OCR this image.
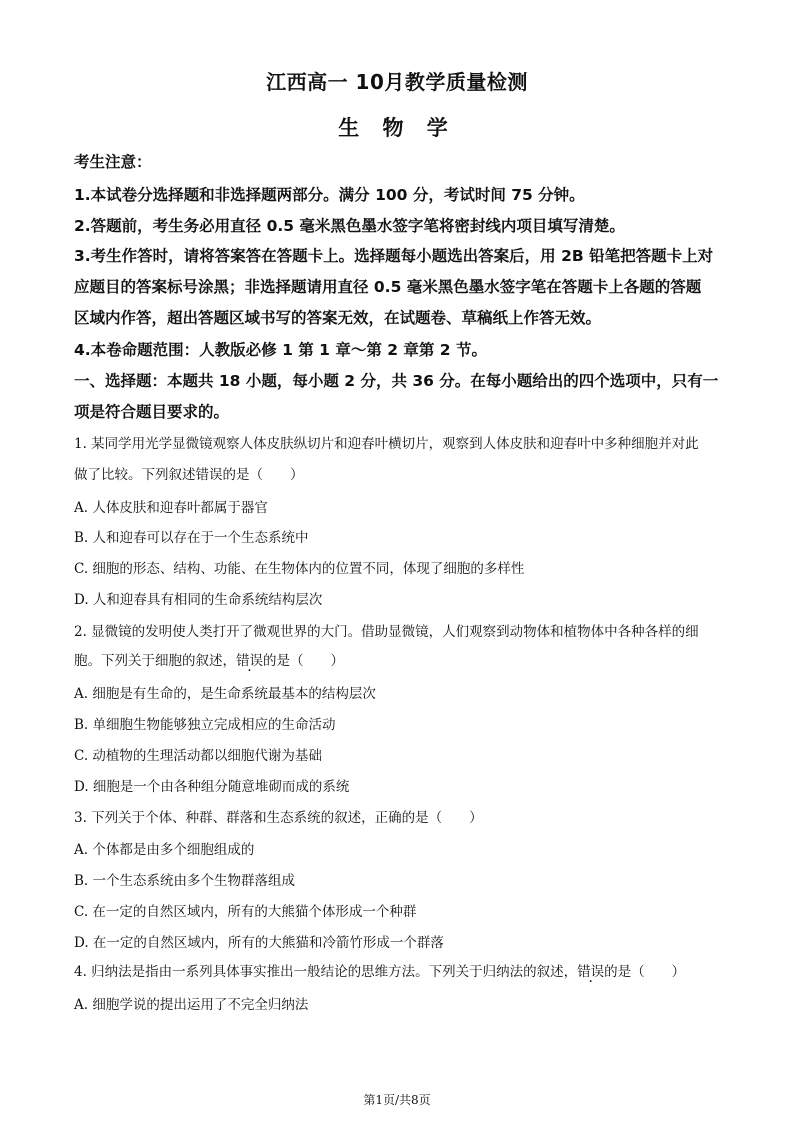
江西高一 10月教学质量检测
生 物 学
考生注意：
1.本试卷分选择题和非选择题两部分。满分 100 分，考试时间 75 分钟。
2.答题前，考生务必用直径 0.5 毫米黑色墨水签字笔将密封线内项目填写清楚。
3.考生作答时，请将答案答在答题卡上。选择题每小题选出答案后，用 2B 铅笔把答题卡上对
应题目的答案标号涂黑；非选择题请用直径 0.5 毫米黑色墨水签字笔在答题卡上各题的答题
区域内作答，超出答题区域书写的答案无效，在试题卷、草稿纸上作答无效。
4.本卷命题范围：人教版必修 1 第 1 章～第 2 章第 2 节。
一、选择题：本题共 18 小题，每小题 2 分，共 36 分。在每小题给出的四个选项中，只有一
项是符合题目要求的。
1. 某同学用光学显微镜观察人体皮肤纵切片和迎春叶横切片，观察到人体皮肤和迎春叶中多种细胞并对此
做了比较。下列叙述错误的是（　　）
A. 人体皮肤和迎春叶都属于器官
B. 人和迎春可以存在于一个生态系统中
C. 细胞的形态、结构、功能、在生物体内的位置不同，体现了细胞的多样性
D. 人和迎春具有相同的生命系统结构层次
2. 显微镜的发明使人类打开了微观世界的大门。借助显微镜，人们观察到动物体和植物体中各种各样的细
胞。下列关于细胞的叙述，错误的是（　　）
A. 细胞是有生命的，是生命系统最基本的结构层次
B. 单细胞生物能够独立完成相应的生命活动
C. 动植物的生理活动都以细胞代谢为基础
D. 细胞是一个由各种组分随意堆砌而成的系统
3. 下列关于个体、种群、群落和生态系统的叙述，正确的是（　　）
A. 个体都是由多个细胞组成的
B. 一个生态系统由多个生物群落组成
C. 在一定的自然区域内，所有的大熊猫个体形成一个种群
D. 在一定的自然区域内，所有的大熊猫和冷箭竹形成一个群落
4. 归纳法是指由一系列具体事实推出一般结论的思维方法。下列关于归纳法的叙述，错误的是（　　）
A. 细胞学说的提出运用了不完全归纳法
第1页/共8页
